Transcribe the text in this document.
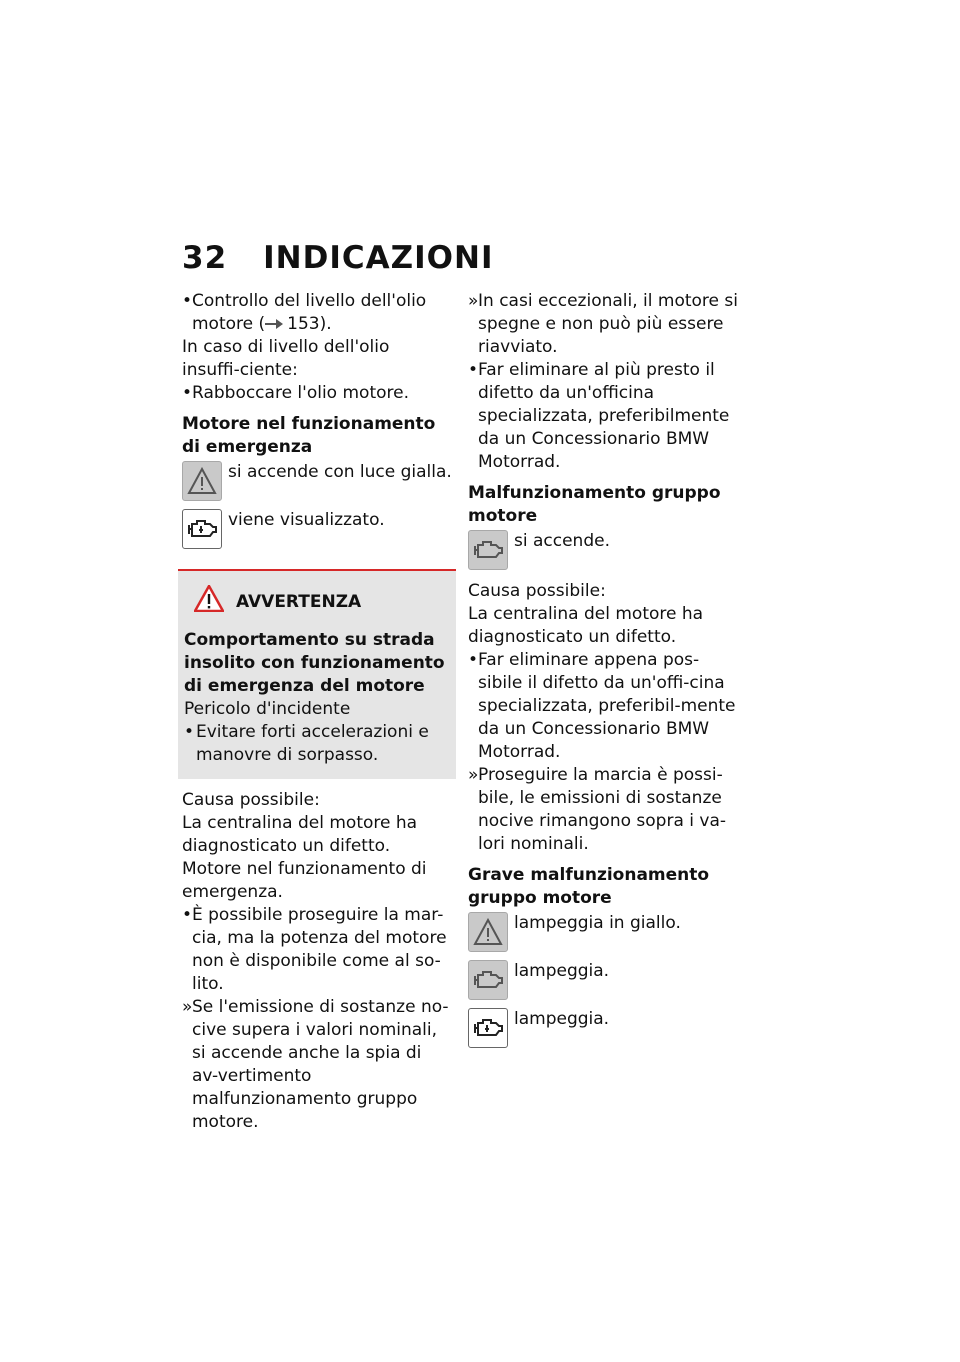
32 INDICAZIONI

• Controllo del livello dell'olio motore ( 153).

In caso di livello dell'olio insuffi-ciente:

• Rabboccare l'olio motore.

Motore nel funzionamento di emergenza
si accende con luce gialla.
viene visualizzato.
AVVERTENZA
Comportamento su strada insolito con funzionamento di emergenza del motore

Pericolo d'incidente

• Evitare forti accelerazioni e manovre di sorpasso.

Causa possibile:

La centralina del motore ha diagnosticato un difetto. Motore nel funzionamento di emergenza.

• È possibile proseguire la mar-cia, ma la potenza del motore non è disponibile come al so-lito.

» Se l'emissione di sostanze no-cive supera i valori nominali, si accende anche la spia di av-vertimento malfunzionamento gruppo motore.

» In casi eccezionali, il motore si spegne e non può più essere riavviato.

• Far eliminare al più presto il difetto da un'officina specializzata, preferibilmente da un Concessionario BMW Motorrad.

Malfunzionamento gruppo motore
si accende.

Causa possibile:

La centralina del motore ha diagnosticato un difetto.

• Far eliminare appena pos-sibile il difetto da un'offi-cina specializzata, preferibil-mente da un Concessionario BMW Motorrad.

» Proseguire la marcia è possi-bile, le emissioni di sostanze nocive rimangono sopra i va-lori nominali.

Grave malfunzionamento gruppo motore
lampeggia in giallo.
lampeggia.
lampeggia.
